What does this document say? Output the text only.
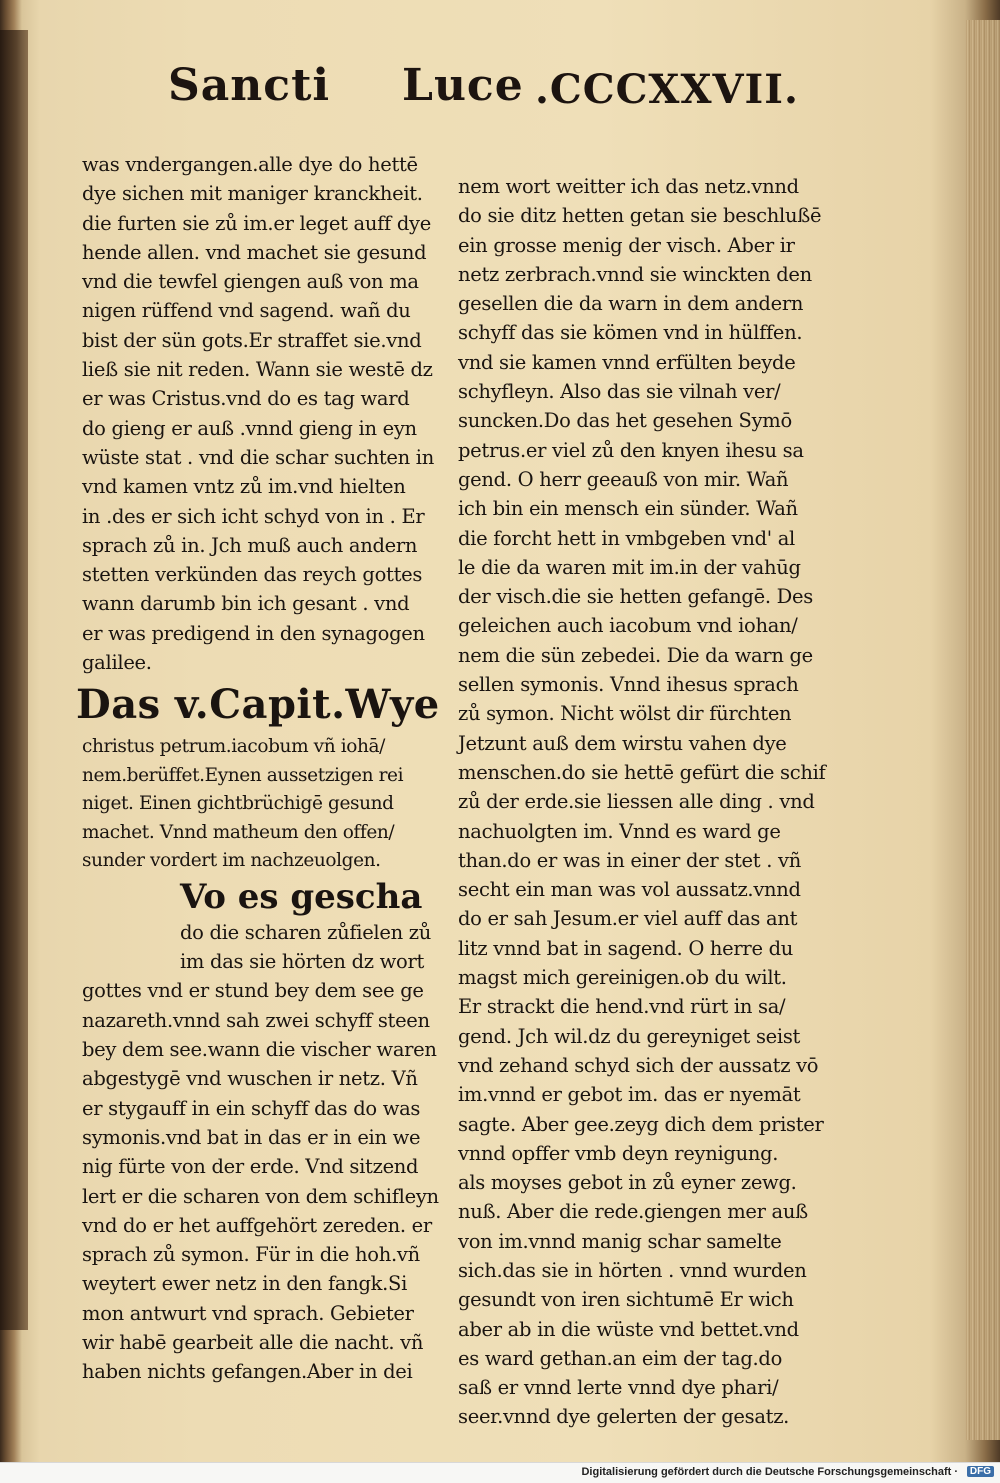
Sancti Luce .CCCXXVII.
was vndergangen.alle dye do hettē
dye sichen mit maniger kranckheit.
die furten sie zů im.er leget auff dye
hende allen. vnd machet sie gesund
vnd die tewfel giengen auß von ma
nigen rüffend vnd sagend. wañ du
bist der sün gots.Er straffet sie.vnd
ließ sie nit reden. Wann sie westē dz
er was Cristus.vnd do es tag ward
do gieng er auß .vnnd gieng in eyn
wüste stat . vnd die schar suchten in
vnd kamen vntz zů im.vnd hielten
in .des er sich icht schyd von in . Er
sprach zů in. Jch muß auch andern
stetten verkünden das reych gottes
wann darumb bin ich gesant . vnd
er was predigend in den synagogen
galilee.
Das v.Capit.Wye
christus petrum.iacobum vñ iohā/
nem.berüffet.Eynen aussetzigen rei
niget. Einen gichtbrüchigē gesund
machet. Vnnd matheum den offen/
sunder vordert im nachzeuolgen.
Vo es gescha
do die scharen zůfielen zů
im das sie hörten dz wort
gottes vnd er stund bey dem see ge
nazareth.vnnd sah zwei schyff steen
bey dem see.wann die vischer waren
abgestygē vnd wuschen ir netz. Vñ
er stygauff in ein schyff das do was
symonis.vnd bat in das er in ein we
nig fürte von der erde. Vnd sitzend
lert er die scharen von dem schifleyn
vnd do er het auffgehört zereden. er
sprach zů symon. Für in die hoh.vñ
weytert ewer netz in den fangk.Si
mon antwurt vnd sprach. Gebieter
wir habē gearbeit alle die nacht. vñ
haben nichts gefangen.Aber in dei
nem wort weitter ich das netz.vnnd
do sie ditz hetten getan sie beschlußē
ein grosse menig der visch. Aber ir
netz zerbrach.vnnd sie winckten den
gesellen die da warn in dem andern
schyff das sie kömen vnd in hülffen.
vnd sie kamen vnnd erfülten beyde
schyfleyn. Also das sie vilnah ver/
suncken.Do das het gesehen Symō
petrus.er viel zů den knyen ihesu sa
gend. O herr geeauß von mir. Wañ
ich bin ein mensch ein sünder. Wañ
die forcht hett in vmbgeben vnd' al
le die da waren mit im.in der vahūg
der visch.die sie hetten gefangē. Des
geleichen auch iacobum vnd iohan/
nem die sün zebedei. Die da warn ge
sellen symonis. Vnnd ihesus sprach
zů symon. Nicht wölst dir fürchten
Jetzunt auß dem wirstu vahen dye
menschen.do sie hettē gefürt die schif
zů der erde.sie liessen alle ding . vnd
nachuolgten im. Vnnd es ward ge
than.do er was in einer der stet . vñ
secht ein man was vol aussatz.vnnd
do er sah Jesum.er viel auff das ant
litz vnnd bat in sagend. O herre du
magst mich gereinigen.ob du wilt.
Er strackt die hend.vnd rürt in sa/
gend. Jch wil.dz du gereyniget seist
vnd zehand schyd sich der aussatz vō
im.vnnd er gebot im. das er nyemāt
sagte. Aber gee.zeyg dich dem prister
vnnd opffer vmb deyn reynigung.
als moyses gebot in zů eyner zewg.
nuß. Aber die rede.giengen mer auß
von im.vnnd manig schar samelte
sich.das sie in hörten . vnnd wurden
gesundt von iren sichtumē Er wich
aber ab in die wüste vnd bettet.vnd
es ward gethan.an eim der tag.do
saß er vnnd lerte vnnd dye phari/
seer.vnnd dye gelerten der gesatz.
Digitalisierung gefördert durch die Deutsche Forschungsgemeinschaft ·	DFG
